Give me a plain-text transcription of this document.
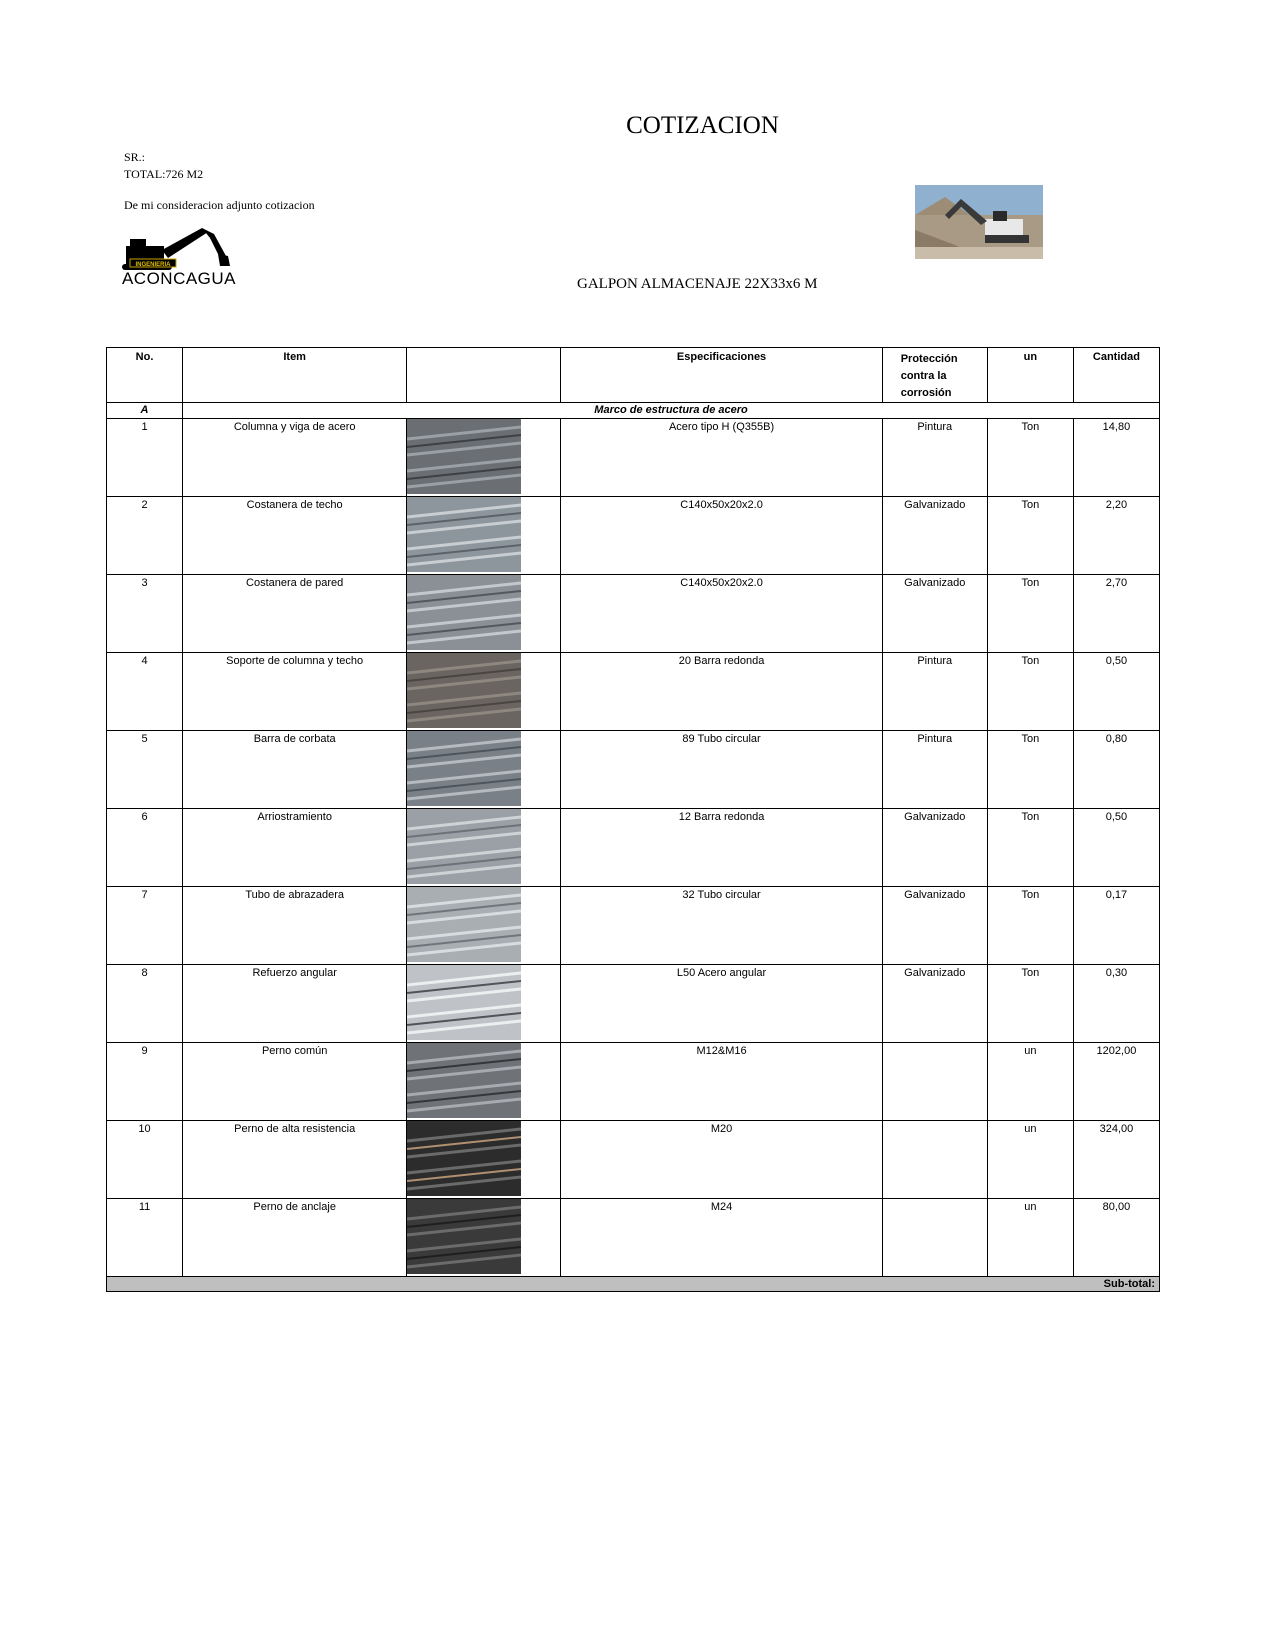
COTIZACION
SR.:
TOTAL:726 M2
De mi consideracion adjunto cotizacion
INGENIERIA
ACONCAGUA	GALPON ALMACENAJE 22X33x6 M
No.	Item		Especificaciones	Protección
contra la
corrosión	un	Cantidad
A	Marco de estructura de acero					
1	Columna y viga de acero		Acero tipo H (Q355B)	Pintura	Ton	14,80
2	Costanera de techo		C140x50x20x2.0	Galvanizado	Ton	2,20
3	Costanera de pared		C140x50x20x2.0	Galvanizado	Ton	2,70
4	Soporte de columna y techo		20 Barra redonda	Pintura	Ton	0,50
5	Barra de corbata		89 Tubo circular	Pintura	Ton	0,80
6	Arriostramiento		12 Barra redonda	Galvanizado	Ton	0,50
7	Tubo de abrazadera		32 Tubo circular	Galvanizado	Ton	0,17
8	Refuerzo angular		L50 Acero angular	Galvanizado	Ton	0,30
9	Perno común		M12&M16		un	1202,00
10	Perno de alta resistencia		M20		un	324,00
11	Perno de anclaje		M24		un	80,00
Sub-total:						
